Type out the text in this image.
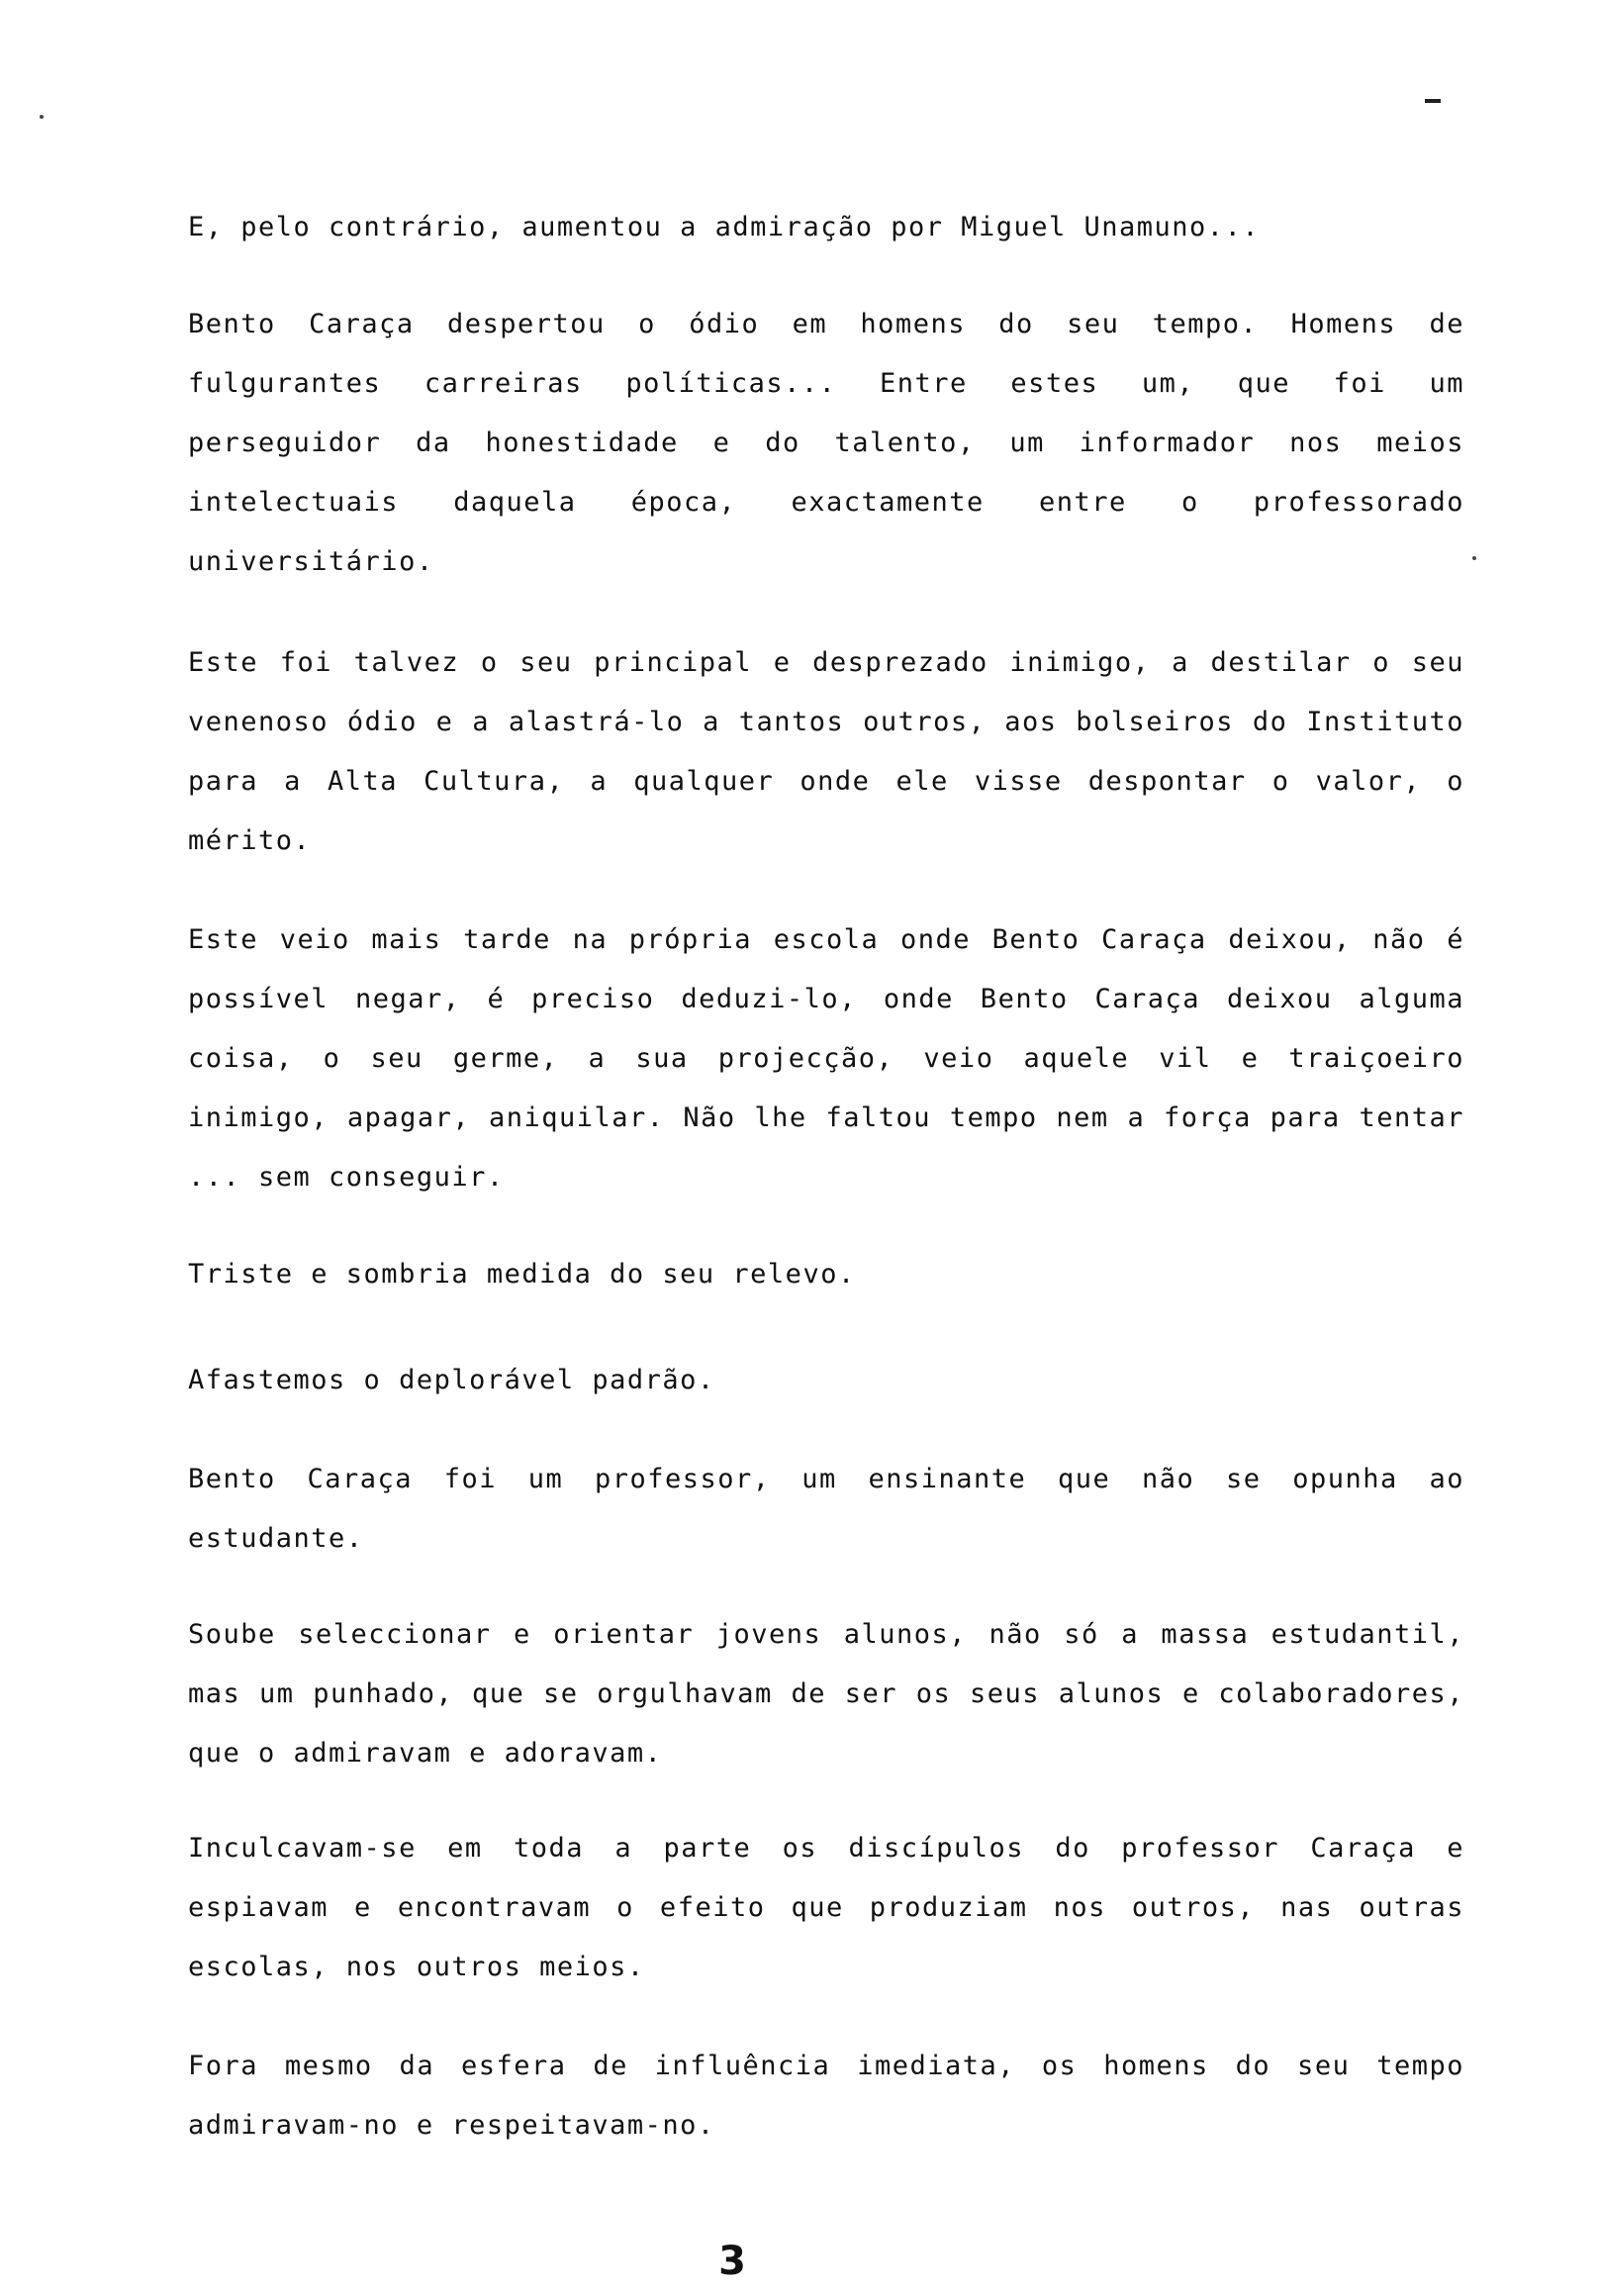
E, pelo contrário, aumentou a admiração por Miguel Unamuno...

Bento Caraça despertou o ódio em homens do seu tempo. Homens de fulgurantes carreiras políticas... Entre estes um, que foi um perseguidor da honestidade e do talento, um informador nos meios intelectuais daquela época, exactamente entre o professorado universitário.

Este foi talvez o seu principal e desprezado inimigo, a destilar o seu venenoso ódio e a alastrá-lo a tantos outros, aos bolseiros do Instituto para a Alta Cultura, a qualquer onde ele visse despontar o valor, o mérito.

Este veio mais tarde na própria escola onde Bento Caraça deixou, não é possível negar, é preciso deduzi-lo, onde Bento Caraça deixou alguma coisa, o seu germe, a sua projecção, veio aquele vil e traiçoeiro inimigo, apagar, aniquilar. Não lhe faltou tempo nem a força para tentar ... sem conseguir.

Triste e sombria medida do seu relevo.

Afastemos o deplorável padrão.

Bento Caraça foi um professor, um ensinante que não se opunha ao estudante.

Soube seleccionar e orientar jovens alunos, não só a massa estudantil, mas um punhado, que se orgulhavam de ser os seus alunos e colaboradores, que o admiravam e adoravam.

Inculcavam-se em toda a parte os discípulos do professor Caraça e espiavam e encontravam o efeito que produziam nos outros, nas outras escolas, nos outros meios.

Fora mesmo da esfera de influência imediata, os homens do seu tempo admiravam-no e respeitavam-no.

3
